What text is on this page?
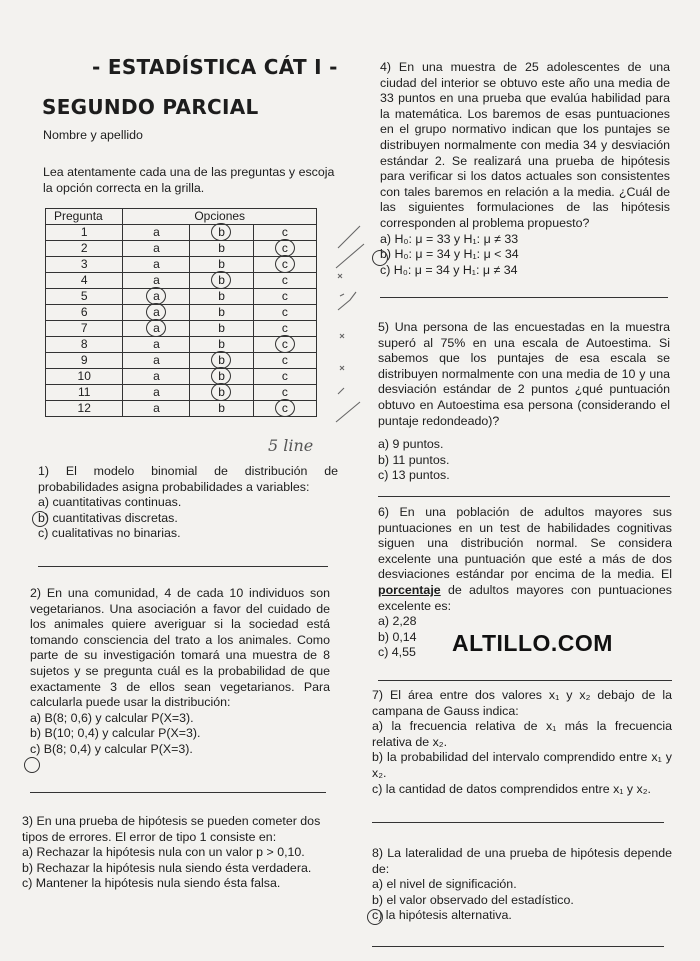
- ESTADÍSTICA CÁT I -
SEGUNDO PARCIAL
Nombre y apellido
Lea atentamente cada una de las preguntas y escoja la opción correcta en la grilla.
Pregunta	Opciones		
1	a	b	c
2	a	b	c

3	a	b	c

4	a	b	c
5	a	b	c
6	a	b	c
7	a	b	c
8	a	b	c

9	a	b	c
10	a	b	c
11	a	b	c
12	a	b	c
5 line
1) El modelo binomial de distribución de probabilidades asigna probabilidades a variables:
a) cuantitativas continuas.
b) cuantitativas discretas.
c) cualitativas no binarias.
2) En una comunidad, 4 de cada 10 individuos son vegetarianos. Una asociación a favor del cuidado de los animales quiere averiguar si la sociedad está tomando consciencia del trato a los animales. Como parte de su investigación tomará una muestra de 8 sujetos y se pregunta cuál es la probabilidad de que exactamente 3 de ellos sean vegetarianos. Para calcularla puede usar la distribución:
a) B(8; 0,6) y calcular P(X=3).
b) B(10; 0,4) y calcular P(X=3).
c) B(8; 0,4) y calcular P(X=3).
3) En una prueba de hipótesis se pueden cometer dos tipos de errores. El error de tipo 1 consiste en:
a) Rechazar la hipótesis nula con un valor p > 0,10.
b) Rechazar la hipótesis nula siendo ésta verdadera.
c) Mantener la hipótesis nula siendo ésta falsa.
4) En una muestra de 25 adolescentes de una ciudad del interior se obtuvo este año una media de 33 puntos en una prueba que evalúa habilidad para la matemática. Los baremos de esas puntuaciones en el grupo normativo indican que los puntajes se distribuyen normalmente con media 34 y desviación estándar 2. Se realizará una prueba de hipótesis para verificar si los datos actuales son consistentes con tales baremos en relación a la media. ¿Cuál de las siguientes formulaciones de las hipótesis corresponden al problema propuesto?
a) H₀: μ = 33 y H₁: μ ≠ 33
b) H₀: μ = 34 y H₁: μ < 34
c) H₀: μ = 34 y H₁: μ ≠ 34
5) Una persona de las encuestadas en la muestra superó al 75% en una escala de Autoestima. Si sabemos que los puntajes de esa escala se distribuyen normalmente con una media de 10 y una desviación estándar de 2 puntos ¿qué puntuación obtuvo en Autoestima esa persona (considerando el puntaje redondeado)?
a) 9 puntos.
b) 11 puntos.
c) 13 puntos.
6) En una población de adultos mayores sus puntuaciones en un test de habilidades cognitivas siguen una distribución normal. Se considera excelente una puntuación que esté a más de dos desviaciones estándar por encima de la media. El porcentaje de adultos mayores con puntuaciones excelente es:
a) 2,28
b) 0,14
c) 4,55	ALTILLO.COM
7) El área entre dos valores x₁ y x₂ debajo de la campana de Gauss indica:
a) la frecuencia relativa de x₁ más la frecuencia relativa de x₂.
b) la probabilidad del intervalo comprendido entre x₁ y x₂.
c) la cantidad de datos comprendidos entre x₁ y x₂.
8) La lateralidad de una prueba de hipótesis depende de:
a) el nivel de significación.
b) el valor observado del estadístico.
c) la hipótesis alternativa.
